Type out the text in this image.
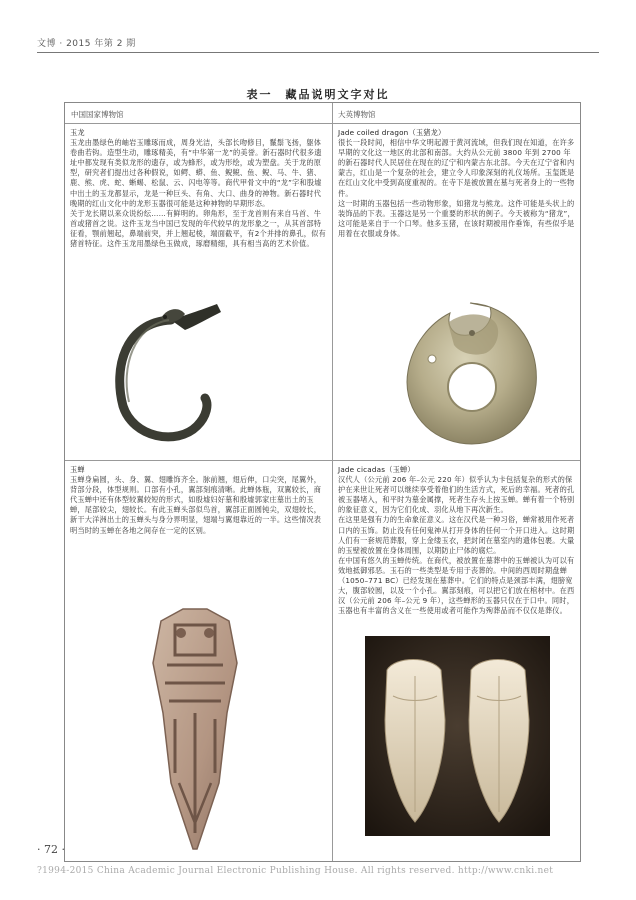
文博 · 2015 年第 2 期
表一　藏品说明文字对比
中国国家博物馆	大英博物馆

玉龙

玉龙由墨绿色的岫岩玉雕琢而成，周身光洁，头部长吻修目，鬣鬃飞扬，躯体卷曲若钩。造型生动，雕琢精美，有“中华第一龙”的美誉。新石器时代很多遗址中都发现有类似龙形的遗存，或为蜂形，或为形绘，或为塑盘。关于龙的原型，研究者们提出过各种假说，如鳄、蟒、鱼、鲵鲵、鱼、鲵、马、牛、猪、鹿、熊、虎、蛇、蜥蜴、松鼠、云、闪电等等。商代甲骨文中的“龙”字和股墟中出土的玉龙都显示，龙是一种巨头、有角、大口、曲身的神物。新石器时代晚期的红山文化中的龙形玉器很可能是这种神物的早期形态。

关于龙长期以来众说纷纭……有鲜明的。卵角形，至于龙首则有来自马首、牛首或猪首之说。这件玉龙当中国已发现的年代较早的龙形象之一，从其首部特征看，颚前翘起，鼻端前突，并上翘起棱，端面截平，有2个并排的鼻孔，似有猪首特征。这件玉龙用墨绿色玉做成，琢磨精细，具有相当高的艺术价值。

Jade coiled dragon（玉猪龙）

很长一段时间，相信中华文明起源于黄河流域，但我们现在知道，在许多早期的文化这一地区的北部和南部。大约从公元前 3800 年到 2700 年的新石器时代人民居住在现在的辽宁和内蒙古东北部。今天在辽宁省和内蒙古，红山是一个复杂的社会，建立令人印象深刻的礼仪场所。玉玺既是在红山文化中受到高度重视的。在寺下是被放置在墓与死者身上的一些物件。

这一时期的玉器包括一些动物形象，如猪龙与熊龙。这件可能是头状上的装饰品的下表。玉器这是另一个重要的形状的例子。今天被称为“猪龙”，这可能是来自于一个口琴。他多玉猪，在该时期被用作垂饰，有些似乎是用着在衣服或身体。

玉蝉

玉蝉身扁圆，头、身、翼、翅雕饰齐全。脉前翘，翅后伸，口尖突，尾翼外，背部分段，体型规则。口部有小孔，翼部刻痕清晰。此蝉体瓶，双翼较长，商代玉蝉中还有体型较翼较短的形式，如殷墟妇好墓和殷墟郭家庄墓出土的玉蝉，尾部较尖，翅较长。有此玉蝉头部似鸟首，翼部正面圆钝尖，双翅较长，新干大洋洲出土的玉蝉头与身分界明显，翅端与翼翅靠近的一半。这些情况表明当时的玉蝉在各地之间存在一定的区别。

Jade cicadas（玉蝉）

汉代人（公元前 206 年–公元 220 年）似乎认为卡包括复杂的形式的保护在来世让死者可以继续享受着他们的生活方式，死后的幸福。死者的孔被玉器堵入，和平时为墓金属撑，死者生存头上按玉蝉。蝉有着一个特别的象征意义，因为它们化成、羽化从地下再次新生。

在这里是强有力的生命象征意义。这在汉代是一种习俗，蝉常被用作死者口内的玉饰。防止没有任何鬼神从打开身体的任何一个开口进入。这时期人们有一套规范葬服，穿上金缕玉衣，把封闭在墓室内的遗体包裹。大量的玉壁被放置在身体周围，以期防止尸体的腐烂。

在中国有悠久的玉蝉传统。在商代，被放置在墓葬中的玉蝉被认为可以有效地抵御邪恶。玉石的一些类型是专用于丧葬的。中间的西周时期盘蝉（1050–771 BC）已经发现在墓葬中。它们的特点是颈部丰满，翅膀宽大，腹部较圆，以及一个小孔。翼部刻痕，可以把它们放在棺材中。在西汉（公元前 206 年–公元 9 年），这些蝉形的玉器只仅在于口中。同时，玉器也有丰富的含义在一些使用或者可能作为殉葬品而不仅仅是葬仪。

· 72 ·
?1994-2015 China Academic Journal Electronic Publishing House. All rights reserved. http://www.cnki.net
